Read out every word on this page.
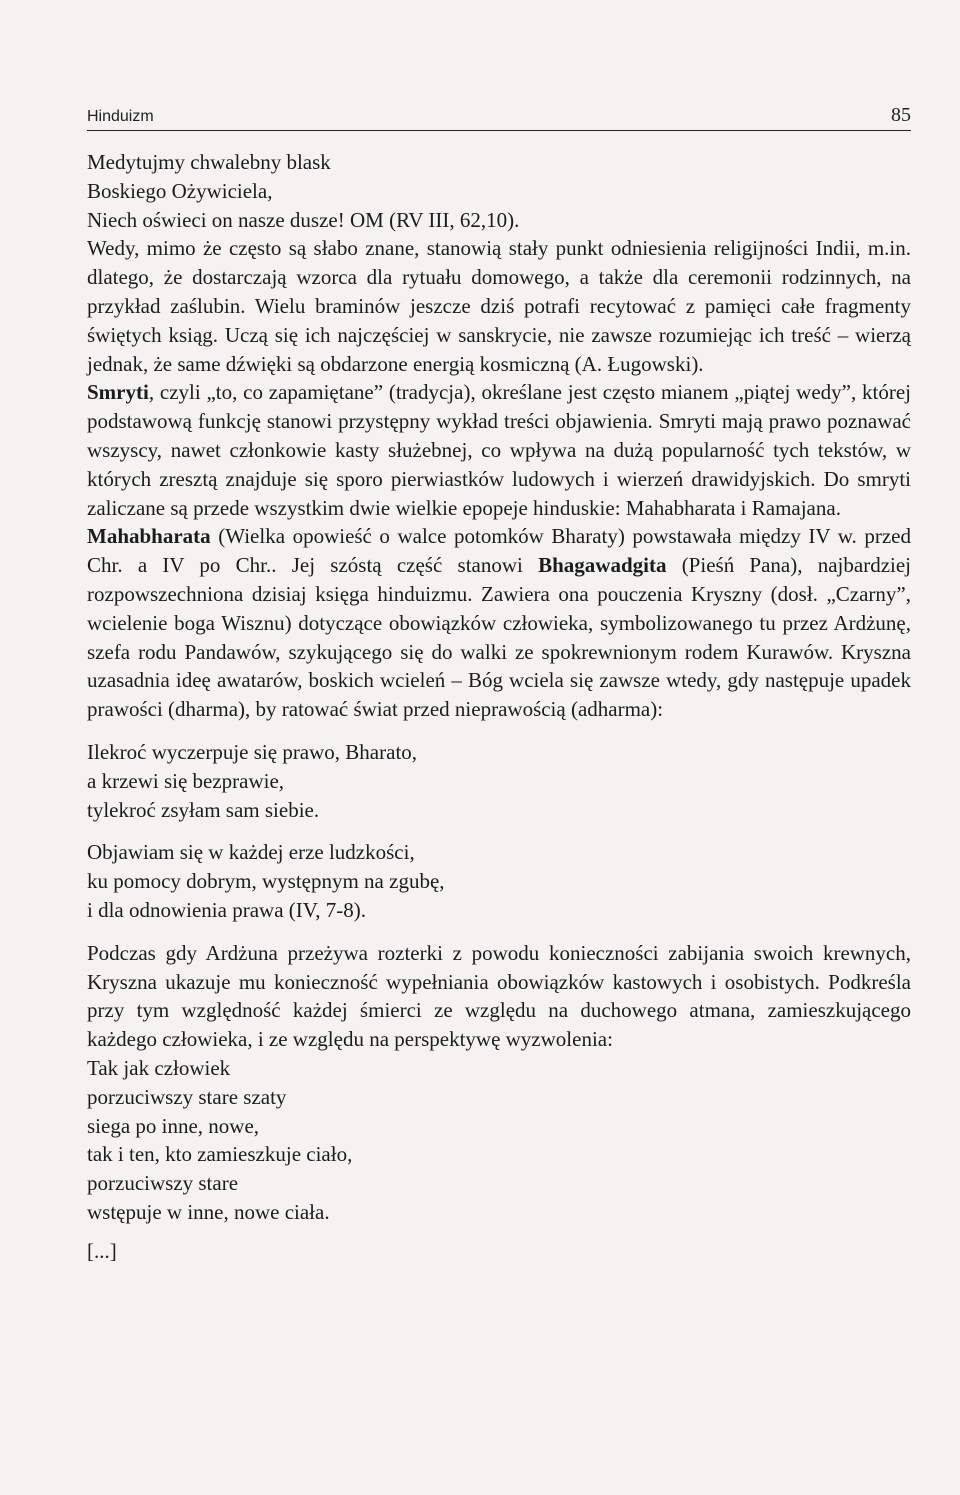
Hinduizm	85
Medytujmy chwalebny blask
Boskiego Ożywiciela,
Niech oświeci on nasze dusze! OM (RV III, 62,10).

Wedy, mimo że często są słabo znane, stanowią stały punkt odniesienia religijności Indii, m.in. dlatego, że dostarczają wzorca dla rytuału domowego, a także dla ceremonii rodzinnych, na przykład zaślubin. Wielu braminów jeszcze dziś potrafi recytować z pamięci całe fragmenty świętych ksiąg. Uczą się ich najczęściej w sanskrycie, nie zawsze rozumiejąc ich treść – wierzą jednak, że same dźwięki są obdarzone energią kosmiczną (A. Ługowski).

Smryti, czyli „to, co zapamiętane” (tradycja), określane jest często mianem „piątej wedy”, której podstawową funkcję stanowi przystępny wykład treści objawienia. Smryti mają prawo poznawać wszyscy, nawet członkowie kasty służebnej, co wpływa na dużą popularność tych tekstów, w których zresztą znajduje się sporo pierwiastków ludowych i wierzeń drawidyjskich. Do smryti zaliczane są przede wszystkim dwie wielkie epopeje hinduskie: Mahabharata i Ramajana.

Mahabharata (Wielka opowieść o walce potomków Bharaty) powstawała między IV w. przed Chr. a IV po Chr.. Jej szóstą część stanowi Bhagawadgita (Pieśń Pana), najbardziej rozpowszechniona dzisiaj księga hinduizmu. Zawiera ona pouczenia Kryszny (dosł. „Czarny”, wcielenie boga Wisznu) dotyczące obowiązków człowieka, symbolizowanego tu przez Ardżunę, szefa rodu Pandawów, szykującego się do walki ze spokrewnionym rodem Kurawów. Kryszna uzasadnia ideę awatarów, boskich wcieleń – Bóg wciela się zawsze wtedy, gdy następuje upadek prawości (dharma), by ratować świat przed nieprawością (adharma):

Ilekroć wyczerpuje się prawo, Bharato,
a krzewi się bezprawie,
tylekroć zsyłam sam siebie.
Objawiam się w każdej erze ludzkości,
ku pomocy dobrym, występnym na zgubę,
i dla odnowienia prawa (IV, 7-8).

Podczas gdy Ardżuna przeżywa rozterki z powodu konieczności zabijania swoich krewnych, Kryszna ukazuje mu konieczność wypełniania obowiązków kastowych i osobistych. Podkreśla przy tym względność każdej śmierci ze względu na duchowego atmana, zamieszkującego każdego człowieka, i ze względu na perspektywę wyzwolenia:

Tak jak człowiek
porzuciwszy stare szaty
siega po inne, nowe,
tak i ten, kto zamieszkuje ciało,
porzuciwszy stare
wstępuje w inne, nowe ciała.

[...]
